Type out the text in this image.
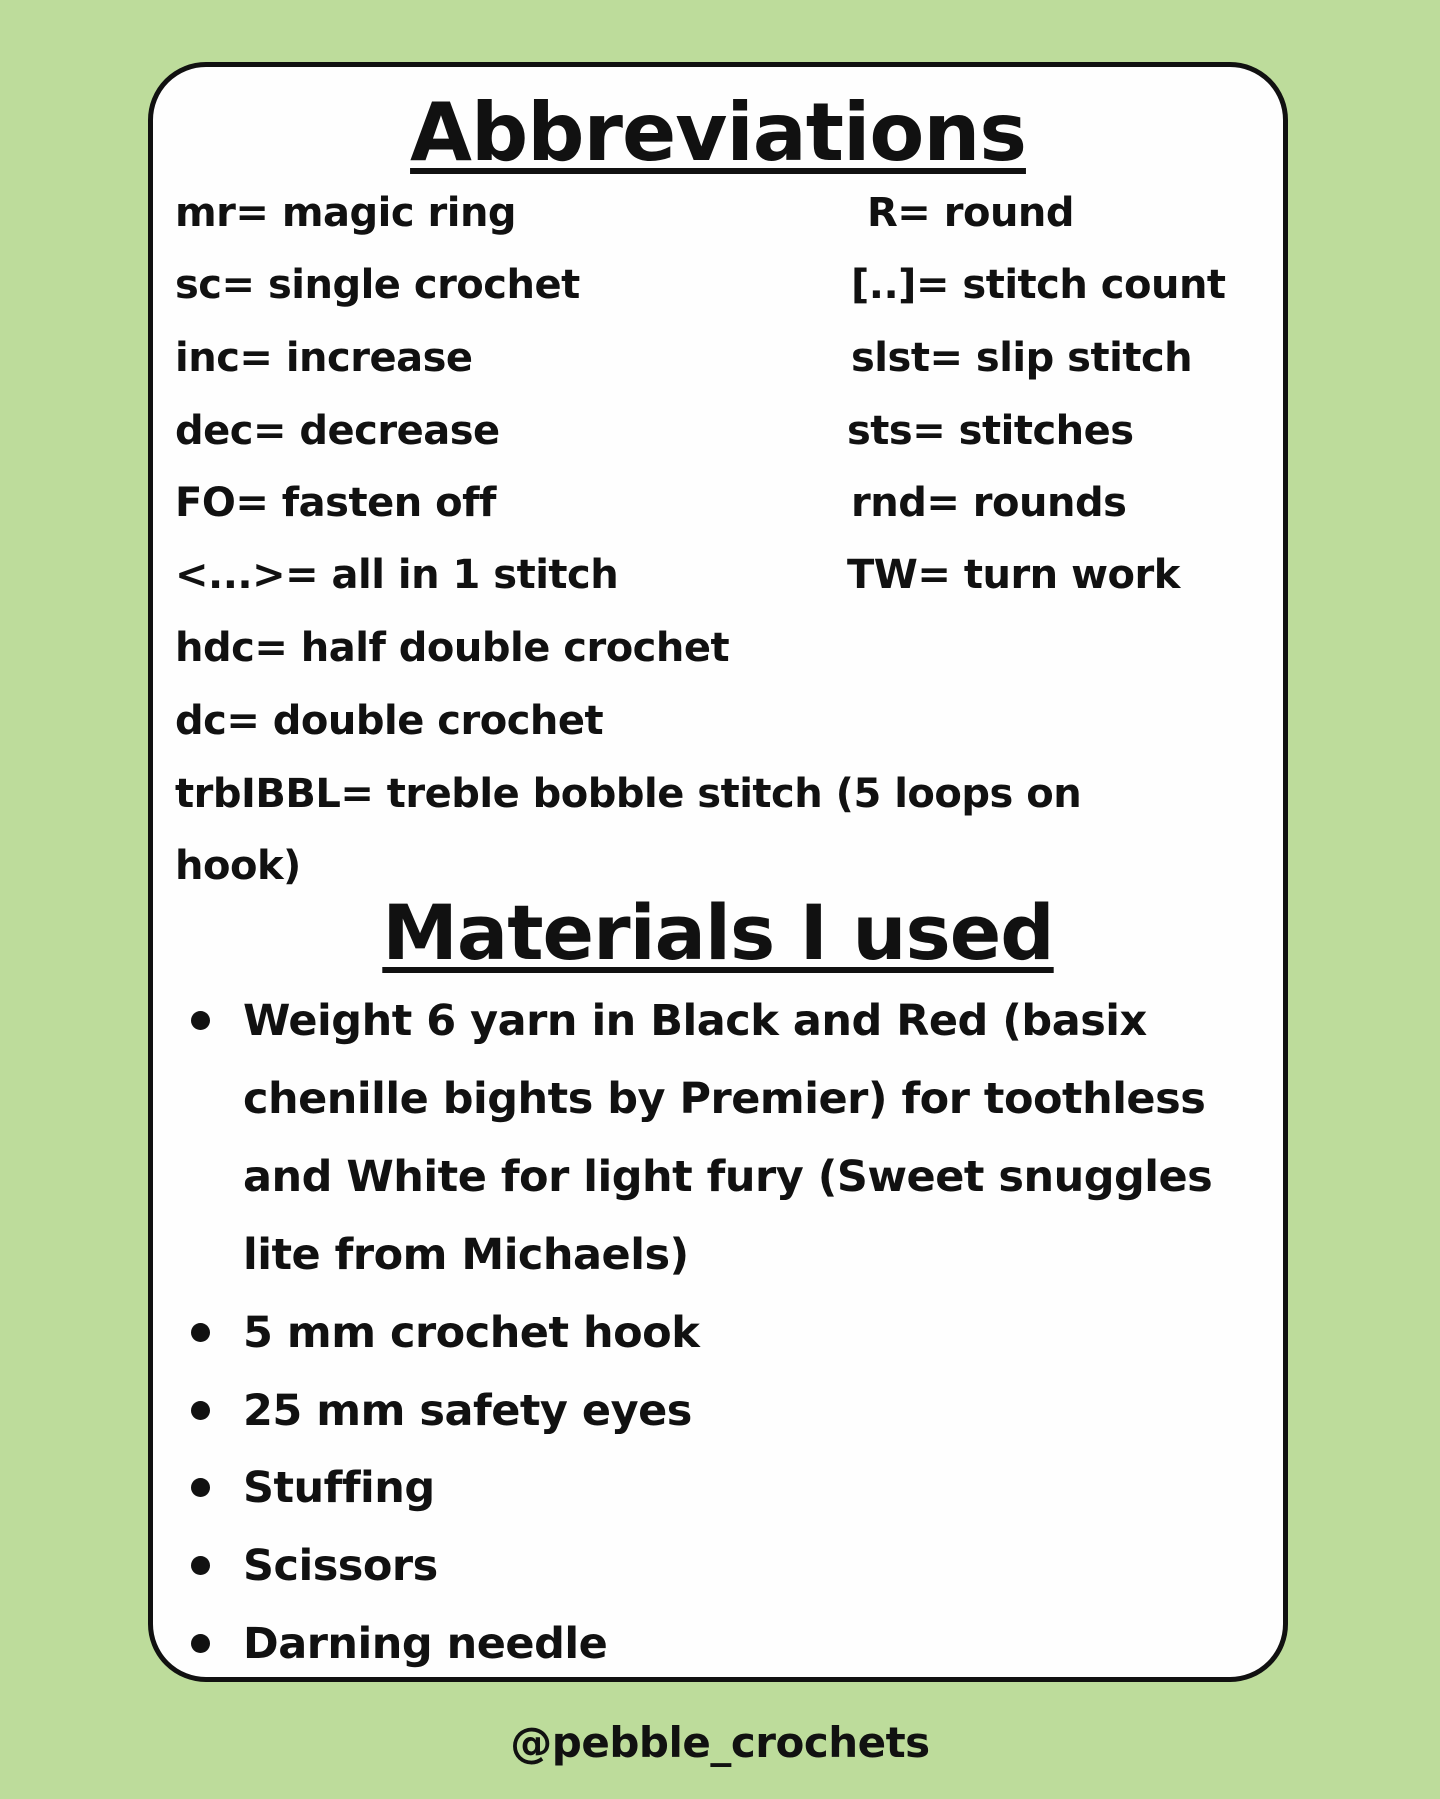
Abbreviations
mr= magic ring
sc= single crochet
inc= increase
dec= decrease
FO= fasten off
<...>= all in 1 stitch
hdc= half double crochet
dc= double crochet
trbIBBL= treble bobble stitch (5 loops on
hook)
R= round
[..]= stitch count
slst= slip stitch
sts= stitches
rnd= rounds
TW= turn work
Materials I used
Weight 6 yarn in Black and Red (basix chenille bights by Premier) for toothless and White for light fury (Sweet snuggles lite from Michaels)
5 mm crochet hook
25 mm safety eyes
Stuffing
Scissors
Darning needle
@pebble_crochets
